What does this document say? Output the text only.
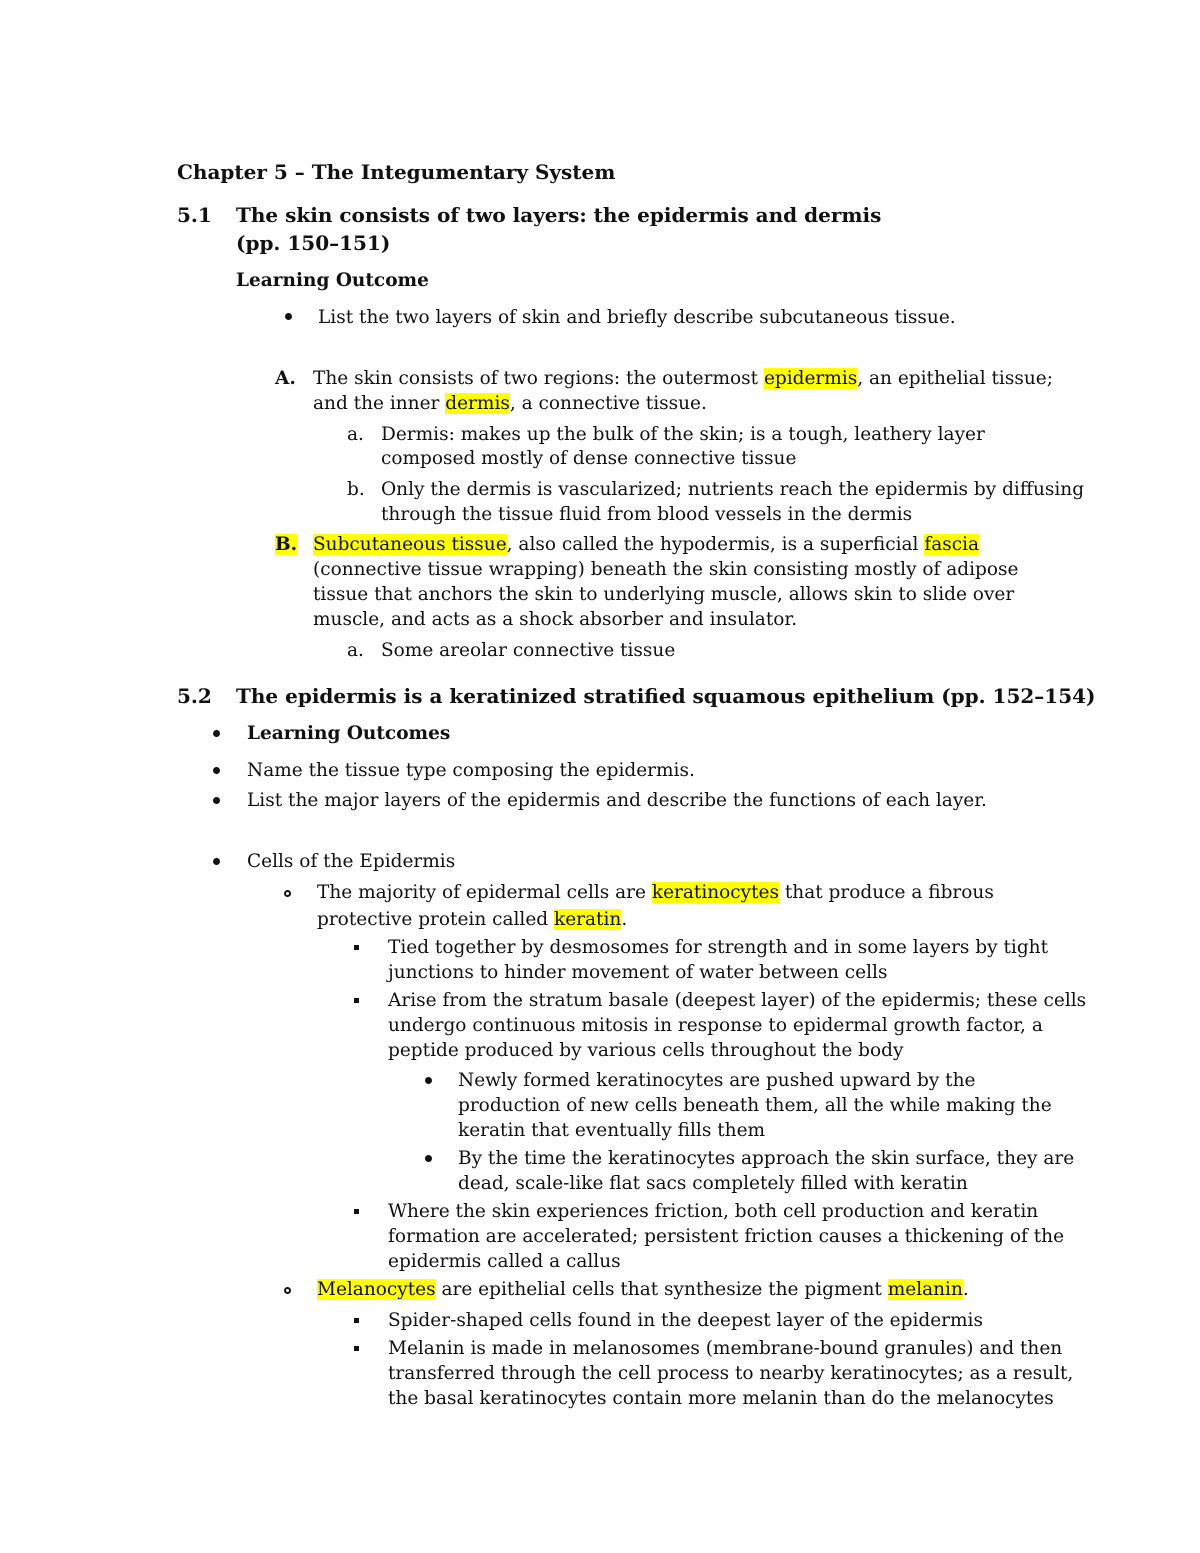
Chapter 5 – The Integumentary System
5.1 The skin consists of two layers: the epidermis and dermis
(pp. 150–151)
Learning Outcome
List the two layers of skin and briefly describe subcutaneous tissue.
A. The skin consists of two regions: the outermost epidermis, an epithelial tissue;
and the inner dermis, a connective tissue.
a. Dermis: makes up the bulk of the skin; is a tough, leathery layer
composed mostly of dense connective tissue
b. Only the dermis is vascularized; nutrients reach the epidermis by diffusing
through the tissue fluid from blood vessels in the dermis
B. Subcutaneous tissue, also called the hypodermis, is a superficial fascia
(connective tissue wrapping) beneath the skin consisting mostly of adipose
tissue that anchors the skin to underlying muscle, allows skin to slide over
muscle, and acts as a shock absorber and insulator.
a. Some areolar connective tissue
5.2 The epidermis is a keratinized stratified squamous epithelium (pp. 152–154)
Learning Outcomes
Name the tissue type composing the epidermis.
List the major layers of the epidermis and describe the functions of each layer.
Cells of the Epidermis
The majority of epidermal cells are keratinocytes that produce a fibrous
protective protein called keratin.
Tied together by desmosomes for strength and in some layers by tight
junctions to hinder movement of water between cells
Arise from the stratum basale (deepest layer) of the epidermis; these cells
undergo continuous mitosis in response to epidermal growth factor, a
peptide produced by various cells throughout the body
Newly formed keratinocytes are pushed upward by the
production of new cells beneath them, all the while making the
keratin that eventually fills them
By the time the keratinocytes approach the skin surface, they are
dead, scale-like flat sacs completely filled with keratin
Where the skin experiences friction, both cell production and keratin
formation are accelerated; persistent friction causes a thickening of the
epidermis called a callus
Melanocytes are epithelial cells that synthesize the pigment melanin.
Spider-shaped cells found in the deepest layer of the epidermis
Melanin is made in melanosomes (membrane-bound granules) and then
transferred through the cell process to nearby keratinocytes; as a result,
the basal keratinocytes contain more melanin than do the melanocytes
